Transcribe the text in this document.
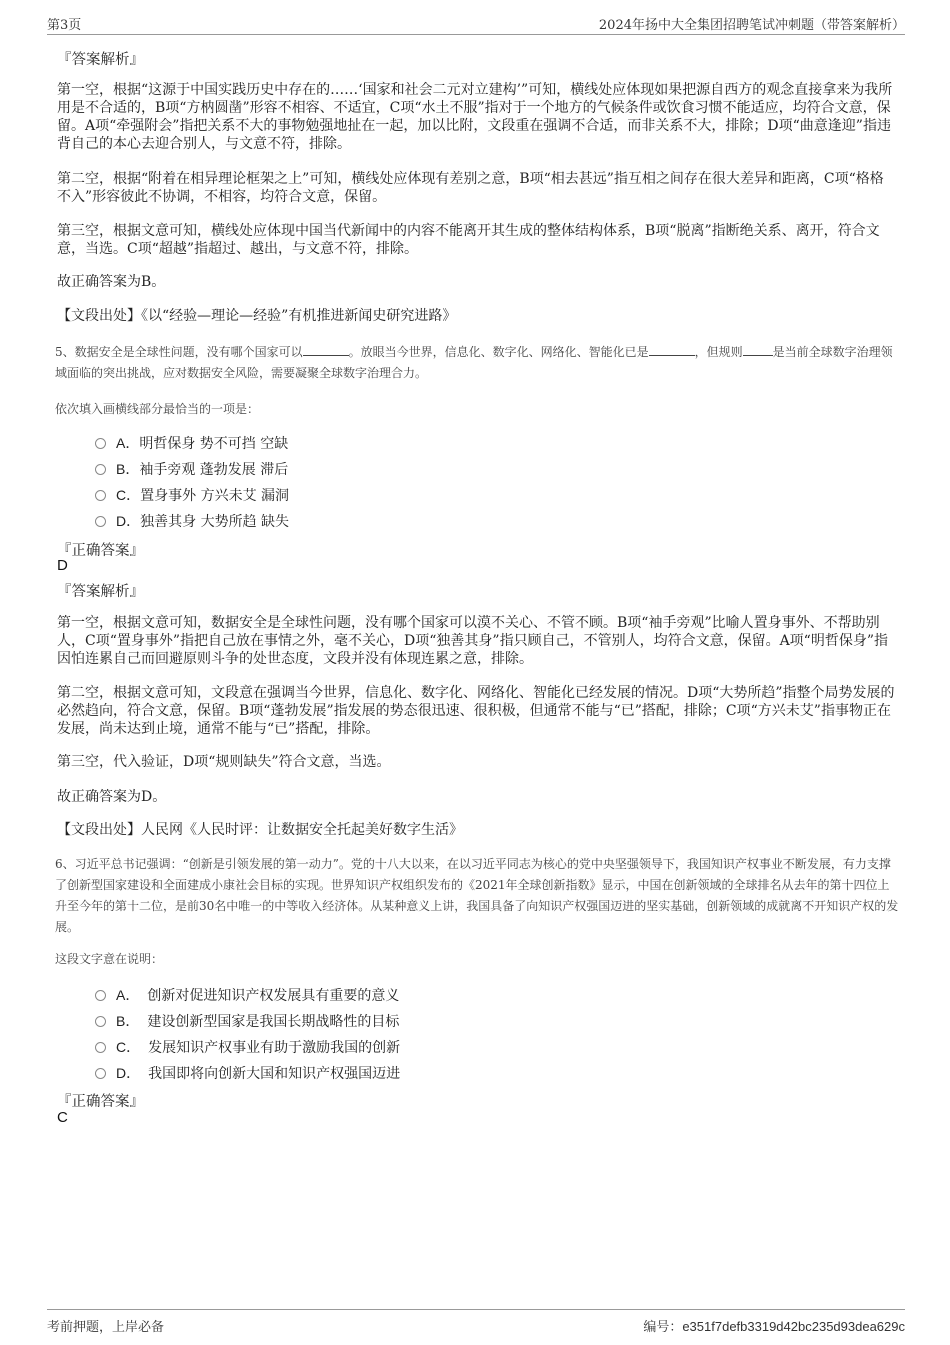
第3页	2024年扬中大全集团招聘笔试冲刺题（带答案解析）
『答案解析』
第一空，根据“这源于中国实践历史中存在的……‘国家和社会二元对立建构’”可知，横线处应体现如果把源自西方的观念直接拿来为我所用是不合适的，B项“方枘圆凿”形容不相容、不适宜，C项“水土不服”指对于一个地方的气候条件或饮食习惯不能适应，均符合文意，保留。A项“牵强附会”指把关系不大的事物勉强地扯在一起，加以比附，文段重在强调不合适，而非关系不大，排除；D项“曲意逢迎”指违背自己的本心去迎合别人，与文意不符，排除。
第二空，根据“附着在相异理论框架之上”可知，横线处应体现有差别之意，B项“相去甚远”指互相之间存在很大差异和距离，C项“格格不入”形容彼此不协调，不相容，均符合文意，保留。
第三空，根据文意可知，横线处应体现中国当代新闻中的内容不能离开其生成的整体结构体系，B项“脱离”指断绝关系、离开，符合文意，当选。C项“超越”指超过、越出，与文意不符，排除。
故正确答案为B。
【文段出处】《以“经验—理论—经验”有机推进新闻史研究进路》
5、数据安全是全球性问题，没有哪个国家可以	。放眼当今世界，信息化、数字化、网络化、智能化已是	，但规则	是当前全球数字治理领域面临的突出挑战，应对数据安全风险，需要凝聚全球数字治理合力。
依次填入画横线部分最恰当的一项是：
A．明哲保身 势不可挡 空缺
B．袖手旁观 蓬勃发展 滞后
C．置身事外 方兴未艾 漏洞
D．独善其身 大势所趋 缺失
『正确答案』
D
『答案解析』
第一空，根据文意可知，数据安全是全球性问题，没有哪个国家可以漠不关心、不管不顾。B项“袖手旁观”比喻人置身事外、不帮助别人，C项“置身事外”指把自己放在事情之外，毫不关心，D项“独善其身”指只顾自己，不管别人，均符合文意，保留。A项“明哲保身”指因怕连累自己而回避原则斗争的处世态度，文段并没有体现连累之意，排除。
第二空，根据文意可知，文段意在强调当今世界，信息化、数字化、网络化、智能化已经发展的情况。D项“大势所趋”指整个局势发展的必然趋向，符合文意，保留。B项“蓬勃发展”指发展的势态很迅速、很积极，但通常不能与“已”搭配，排除；C项“方兴未艾”指事物正在发展，尚未达到止境，通常不能与“已”搭配，排除。
第三空，代入验证，D项“规则缺失”符合文意，当选。
故正确答案为D。
【文段出处】人民网《人民时评：让数据安全托起美好数字生活》
6、习近平总书记强调：“创新是引领发展的第一动力”。党的十八大以来，在以习近平同志为核心的党中央坚强领导下，我国知识产权事业不断发展，有力支撑了创新型国家建设和全面建成小康社会目标的实现。世界知识产权组织发布的《2021年全球创新指数》显示，中国在创新领域的全球排名从去年的第十四位上升至今年的第十二位，是前30名中唯一的中等收入经济体。从某种意义上讲，我国具备了向知识产权强国迈进的坚实基础，创新领域的成就离不开知识产权的发展。
这段文字意在说明：
A． 创新对促进知识产权发展具有重要的意义
B． 建设创新型国家是我国长期战略性的目标
C． 发展知识产权事业有助于激励我国的创新
D． 我国即将向创新大国和知识产权强国迈进
『正确答案』
C
考前押题，上岸必备	编号：e351f7defb3319d42bc235d93dea629c
